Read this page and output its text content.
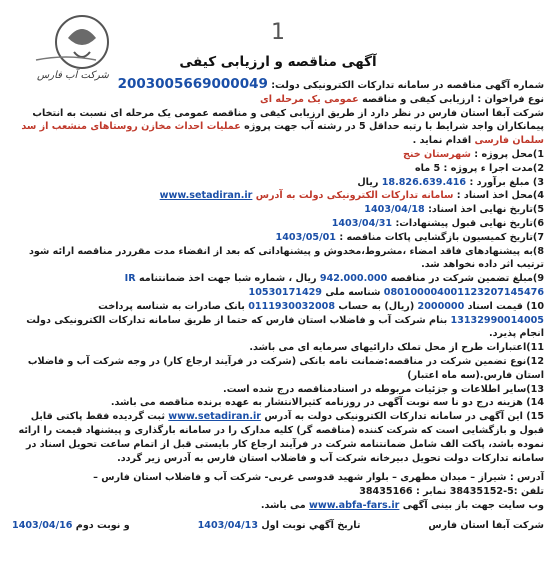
1
شرکت آب فارس
آگهی مناقصه و ارزیابی کیفی

شماره آگهی مناقصه در سامانه تدارکات الکترونیکی دولت: 2003005669000049

نوع فراخوان : ارزیابی کیفی و مناقصه عمومی یک مرحله ای

شرکت آبفا استان فارس در نظر دارد از طریق ارزیابی کیفی و مناقصه عمومی یک مرحله ای نسبت به انتخاب پیمانکاران واجد شرایط با رتبه حداقل 5 در رشته آب جهت پروژه عملیات احداث مخازن روستاهای منشعب از سد سلمان فارسی اقدام نماید .

1)محل پروژه : شهرستان خنج

2)مدت اجرا ء پروژه : 5 ماه

3) مبلغ برآورد : 18.826.639.416 ریال

4)محل اخذ اسناد : سامانه تدارکات الکترونیکی دولت به آدرس www.setadiran.ir

5)تاریخ نهایی اخذ اسناد: 1403/04/18

6)تاریخ نهایی قبول پیشنهادات: 1403/04/31

7)تاریخ کمیسیون بازگشایی پاکات مناقصه : 1403/05/01

8)به پیشنهادهای فاقد امضاء ،مشروط،مخدوش و پیشنهاداتی که بعد از انقضاء مدت مقرردر مناقصه ارائه شود ترتیب اثر داده نخواهد شد.

9)مبلغ تضمین شرکت در مناقصه 942.000.000 ریال ، شماره شبا جهت اخذ ضمانتنامه IR 080100004001123207145476 شناسه ملی 10530171429

10) قیمت اسناد 2000000 (ریال) به حساب 0111930032008 بانک صادرات به شناسه پرداخت 13132990014005 بنام شرکت آب و فاضلاب استان فارس که حتما از طریق سامانه تدارکات الکترونیکی دولت انجام پذیرد.

11)اعتبارات طرح از محل تملک دارائیهای سرمایه ای می باشد.

12)نوع تضمین شرکت در مناقصه:ضمانت نامه بانکی (شرکت در فرآیند ارجاع کار) در وجه شرکت آب و فاضلاب استان فارس.(سه ماه اعتبار)

13)سایر اطلاعات و جزئیات مربوطه در اسنادمناقصه درج شده است.

14) هزینه درج دو نا سه نوبت آگهی در روزنامه کثیرالانتشار به عهده برنده مناقصه می باشد.

15) این آگهی در سامانه تدارکات الکترونیکی دولت به آدرس www.setadiran.ir ثبت گردیده فقط پاکتی قابل قبول و بازگشایی است که شرکت کننده (مناقصه گر) کلیه مدارک را در سامانه بارگذاری و پیشنهاد قیمت را ارائه نموده باشد، پاکت الف شامل ضمانتنامه شرکت در فرآیند ارجاع کار بایستی قبل از اتمام ساعت تحویل اسناد در سامانه تدارکات دولت تحویل دبیرخانه شرکت آب و فاضلاب استان فارس به آدرس زیر گردد.

آدرس : شیراز – میدان مطهری – بلوار شهید قدوسی غربی- شرکت آب و فاضلاب استان فارس –

تلفن :5-38435152 نمابر : 38435166

وب سایت جهت باز بینی آگهی www.abfa-fars.ir می باشد.

شرکت آبفا استان فارس
تاریخ آگهي نوبت اول 1403/04/13
و نوبت دوم 1403/04/16
